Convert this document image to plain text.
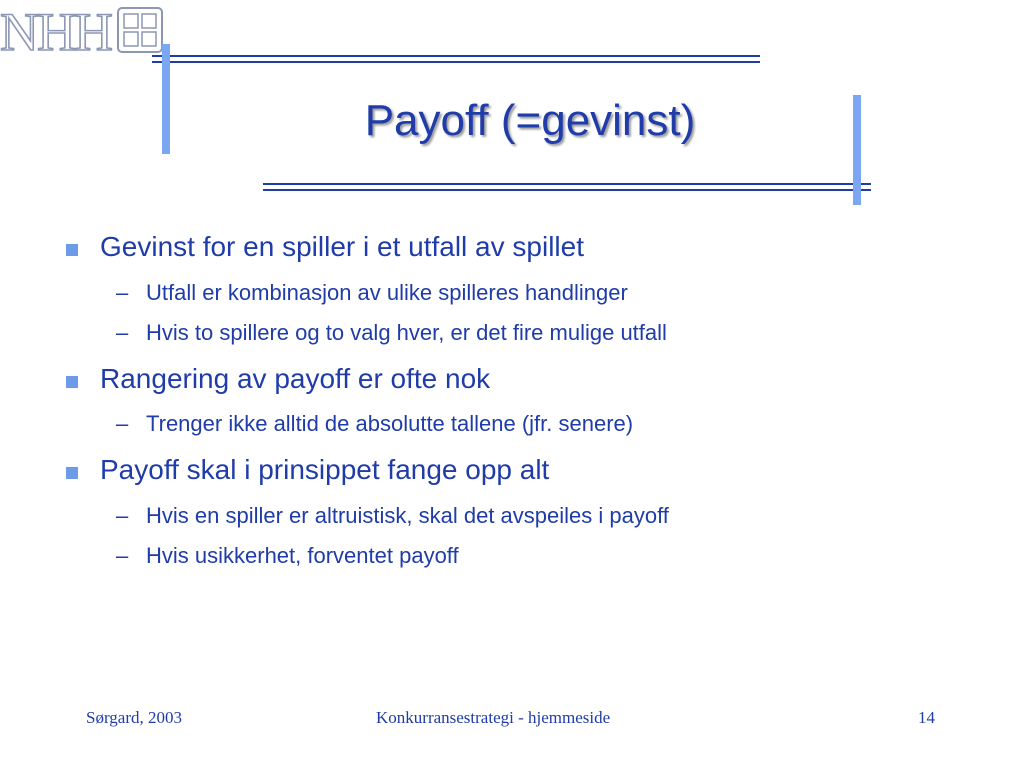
NHH
Payoff (=gevinst)
Gevinst for en spiller i et utfall av spillet
– Utfall er kombinasjon av ulike spilleres handlinger
– Hvis to spillere og to valg hver, er det fire mulige utfall
Rangering av payoff er ofte nok
– Trenger ikke alltid de absolutte tallene (jfr. senere)
Payoff skal i prinsippet fange opp alt
– Hvis en spiller er altruistisk, skal det avspeiles i payoff
– Hvis usikkerhet, forventet payoff
Sørgard, 2003	Konkurransestrategi - hjemmeside	14
